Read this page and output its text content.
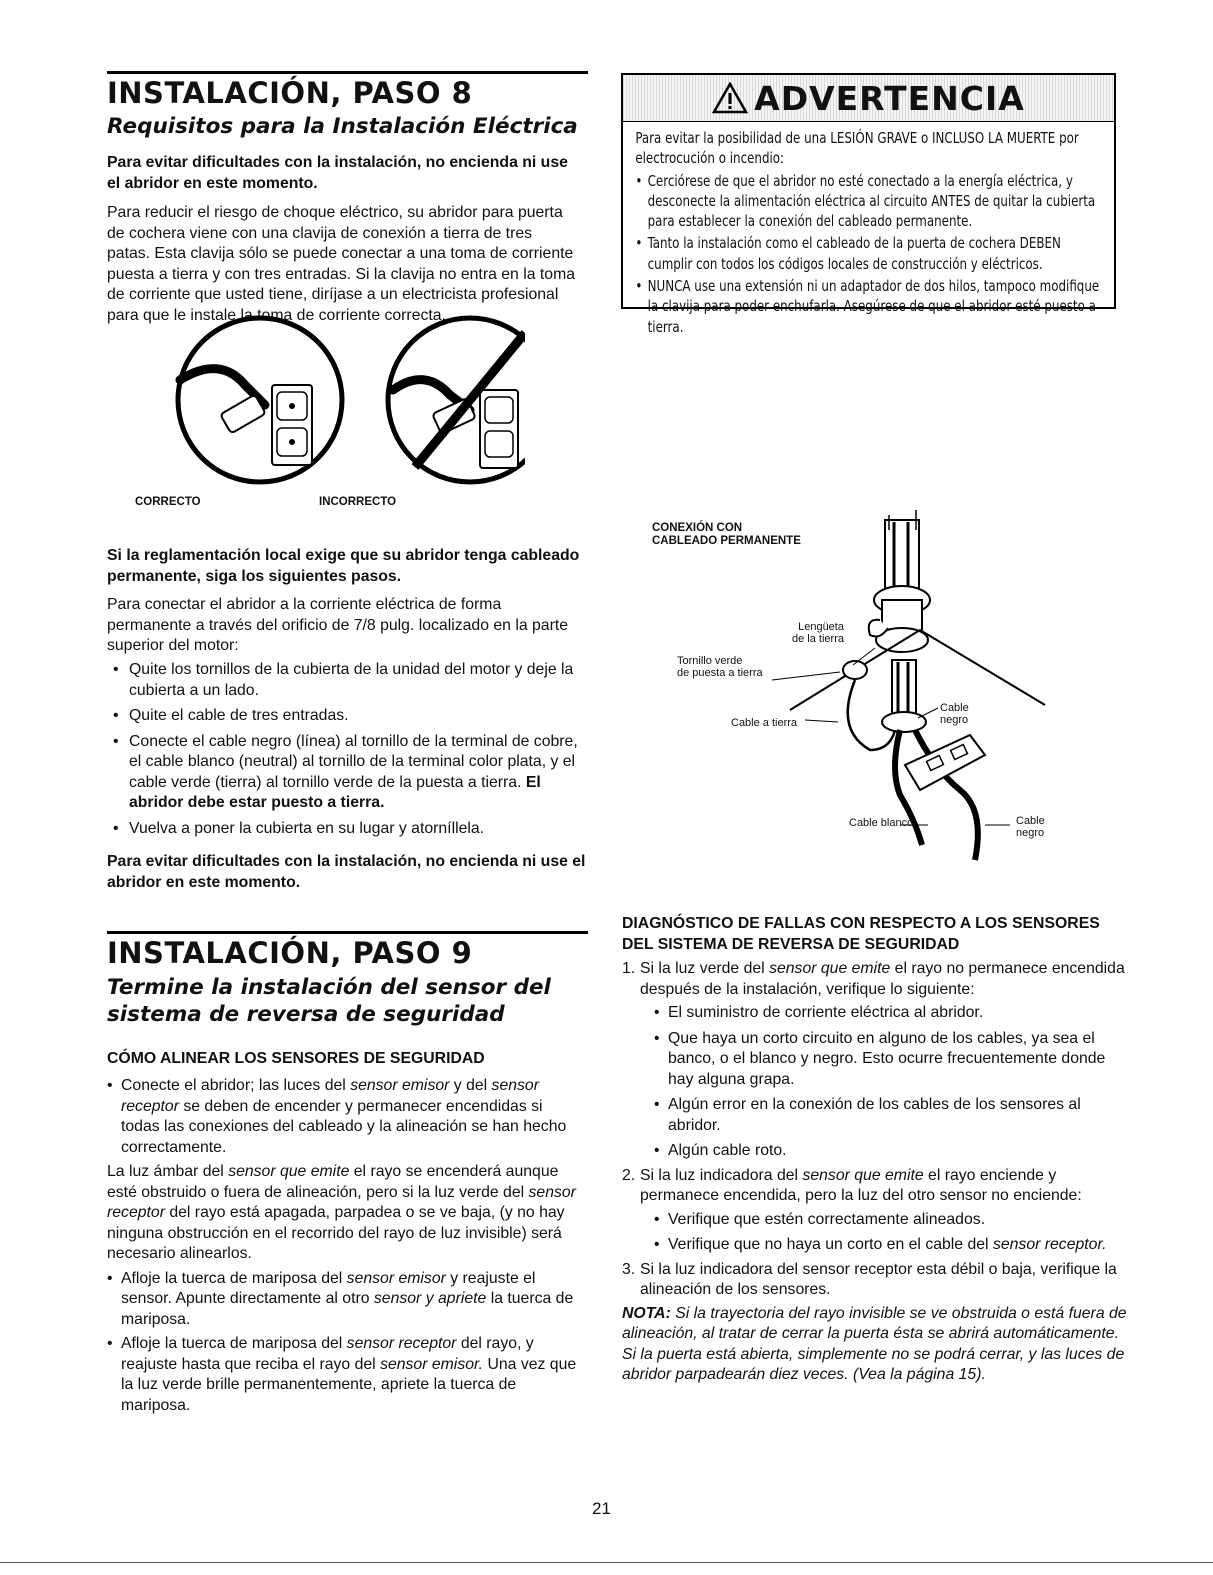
INSTALACIÓN, PASO 8
Requisitos para la Instalación Eléctrica

Para evitar dificultades con la instalación, no encienda ni use el abridor en este momento.

Para reducir el riesgo de choque eléctrico, su abridor para puerta de cochera viene con una clavija de conexión a tierra de tres patas. Esta clavija sólo se puede conectar a una toma de corriente puesta a tierra y con tres entradas. Si la clavija no entra en la toma de corriente que usted tiene, diríjase a un electricista profesional para que le instale la toma de corriente correcta.

CORRECTO	INCORRECTO

Si la reglamentación local exige que su abridor tenga cableado permanente, siga los siguientes pasos.

Para conectar el abridor a la corriente eléctrica de forma permanente a través del orificio de 7/8 pulg. localizado en la parte superior del motor:

• Quite los tornillos de la cubierta de la unidad del motor y deje la cubierta a un lado.

• Quite el cable de tres entradas.

• Conecte el cable negro (línea) al tornillo de la terminal de cobre, el cable blanco (neutral) al tornillo de la terminal color plata, y el cable verde (tierra) al tornillo verde de la puesta a tierra. El abridor debe estar puesto a tierra.

• Vuelva a poner la cubierta en su lugar y atorníllela.

Para evitar dificultades con la instalación, no encienda ni use el abridor en este momento.

ADVERTENCIA

Para evitar la posibilidad de una LESIÓN GRAVE o INCLUSO LA MUERTE por electrocución o incendio:

• Cerciórese de que el abridor no esté conectado a la energía eléctrica, y desconecte la alimentación eléctrica al circuito ANTES de quitar la cubierta para establecer la conexión del cableado permanente.

• Tanto la instalación como el cableado de la puerta de cochera DEBEN cumplir con todos los códigos locales de construcción y eléctricos.

• NUNCA use una extensión ni un adaptador de dos hilos, tampoco modifique la clavija para poder enchufarla. Asegúrese de que el abridor esté puesto a tierra.

CONEXIÓN CON
CABLEADO PERMANENTE
Lengüeta
de la tierra
Tornillo verde
de puesta a tierra
Cable a tierra
Cable
negro
Cable blanco	Cable
negro
INSTALACIÓN, PASO 9
Termine la instalación del sensor del
sistema de reversa de seguridad

CÓMO ALINEAR LOS SENSORES DE SEGURIDAD

• Conecte el abridor; las luces del sensor emisor y del sensor receptor se deben de encender y permanecer encendidas si todas las conexiones del cableado y la alineación se han hecho correctamente.

La luz ámbar del sensor que emite el rayo se encenderá aunque esté obstruido o fuera de alineación, pero si la luz verde del sensor receptor del rayo está apagada, parpadea o se ve baja, (y no hay ninguna obstrucción en el recorrido del rayo de luz invisible) será necesario alinearlos.

• Afloje la tuerca de mariposa del sensor emisor y reajuste el sensor. Apunte directamente al otro sensor y apriete la tuerca de mariposa.

• Afloje la tuerca de mariposa del sensor receptor del rayo, y reajuste hasta que reciba el rayo del sensor emisor. Una vez que la luz verde brille permanentemente, apriete la tuerca de mariposa.

DIAGNÓSTICO DE FALLAS CON RESPECTO A LOS SENSORES DEL SISTEMA DE REVERSA DE SEGURIDAD

1. Si la luz verde del sensor que emite el rayo no permanece encendida después de la instalación, verifique lo siguiente:

• El suministro de corriente eléctrica al abridor.

• Que haya un corto circuito en alguno de los cables, ya sea el banco, o el blanco y negro. Esto ocurre frecuentemente donde hay alguna grapa.

• Algún error en la conexión de los cables de los sensores al abridor.

• Algún cable roto.

2. Si la luz indicadora del sensor que emite el rayo enciende y permanece encendida, pero la luz del otro sensor no enciende:

• Verifique que estén correctamente alineados.

• Verifique que no haya un corto en el cable del sensor receptor.

3. Si la luz indicadora del sensor receptor esta débil o baja, verifique la alineación de los sensores.

NOTA: Si la trayectoria del rayo invisible se ve obstruida o está fuera de alineación, al tratar de cerrar la puerta ésta se abrirá automáticamente. Si la puerta está abierta, simplemente no se podrá cerrar, y las luces de abridor parpadearán diez veces. (Vea la página 15).

21
